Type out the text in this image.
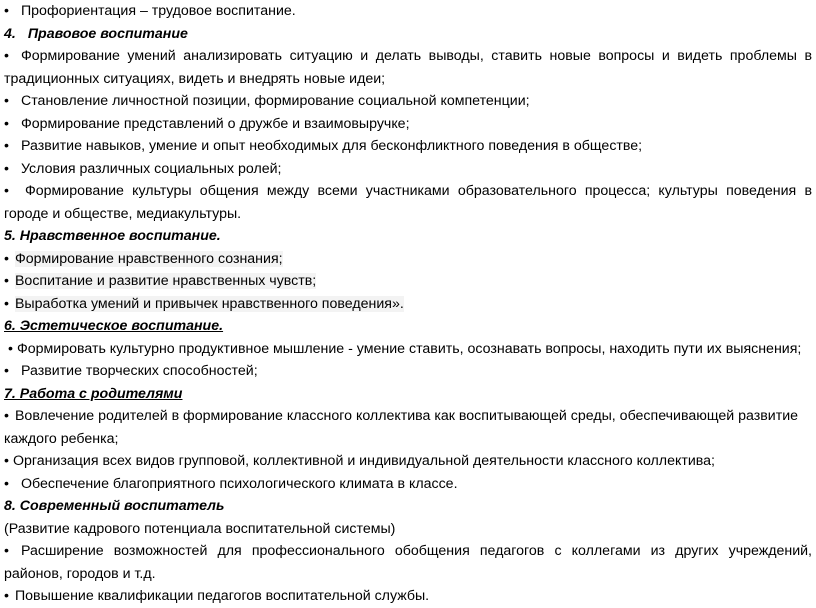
• Профориентация – трудовое воспитание.

4. Правовое воспитание

• Формирование умений анализировать ситуацию и делать выводы, ставить новые вопросы и видеть проблемы в традиционных ситуациях, видеть и внедрять новые идеи;

• Становление личностной позиции, формирование социальной компетенции;

• Формирование представлений о дружбе и взаимовыручке;

• Развитие навыков, умение и опыт необходимых для бесконфликтного поведения в обществе;

• Условия различных социальных ролей;

• Формирование культуры общения между всеми участниками образовательного процесса; культуры поведения в городе и обществе, медиакультуры.

5. Нравственное воспитание.

• Формирование нравственного сознания;

• Воспитание и развитие нравственных чувств;

• Выработка умений и привычек нравственного поведения».

6. Эстетическое воспитание.

• Формировать культурно продуктивное мышление - умение ставить, осознавать вопросы, находить пути их выяснения;

• Развитие творческих способностей;

7. Работа с родителями

• Вовлечение родителей в формирование классного коллектива как воспитывающей среды, обеспечивающей развитие каждого ребенка;

• Организация всех видов групповой, коллективной и индивидуальной деятельности классного коллектива;

• Обеспечение благоприятного психологического климата в классе.

8. Современный воспитатель

(Развитие кадрового потенциала воспитательной системы)

• Расширение возможностей для профессионального обобщения педагогов с коллегами из других учреждений, районов, городов и т.д.

• Повышение квалификации педагогов воспитательной службы.
